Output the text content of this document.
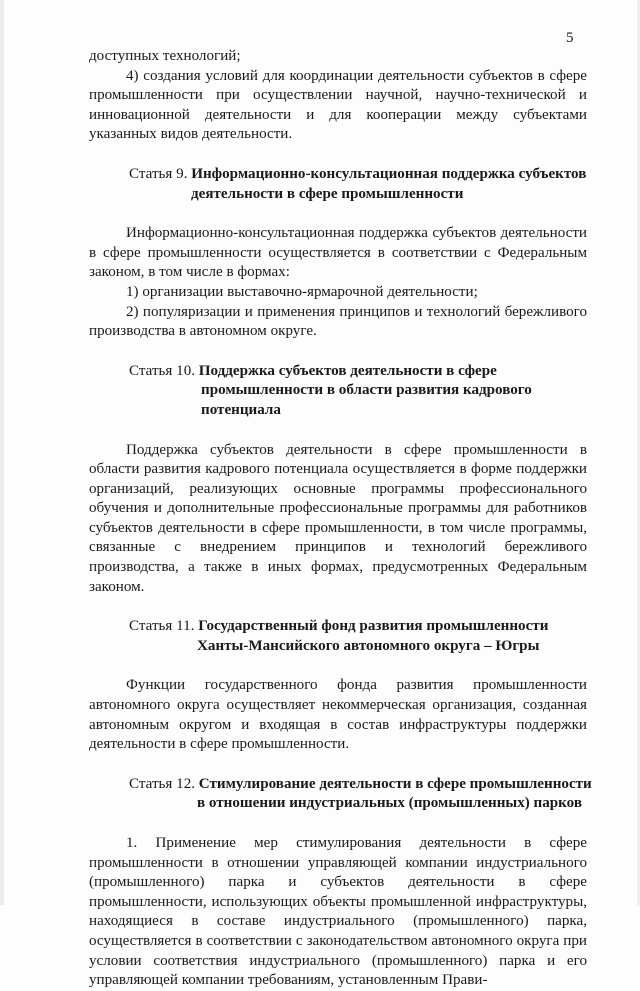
5

доступных технологий;

4) создания условий для координации деятельности субъектов в сфере промышленности при осуществлении научной, научно-технической и инновационной деятельности и для кооперации между субъектами указанных видов деятельности.

Статья 9. Информационно-консультационная поддержка субъектов
деятельности в сфере промышленности

Информационно-консультационная поддержка субъектов деятельности в сфере промышленности осуществляется в соответствии с Федеральным законом, в том числе в формах:

1) организации выставочно-ярмарочной деятельности;

2) популяризации и применения принципов и технологий бережливого производства в автономном округе.

Статья 10. Поддержка субъектов деятельности в сфере
промышленности в области развития кадрового
потенциала

Поддержка субъектов деятельности в сфере промышленности в области развития кадрового потенциала осуществляется в форме поддержки организаций, реализующих основные программы профессионального обучения и дополнительные профессиональные программы для работников субъектов деятельности в сфере промышленности, в том числе программы, связанные с внедрением принципов и технологий бережливого производства, а также в иных формах, предусмотренных Федеральным законом.

Статья 11. Государственный фонд развития промышленности
Ханты-Мансийского автономного округа – Югры

Функции государственного фонда развития промышленности автономного округа осуществляет некоммерческая организация, созданная автономным округом и входящая в состав инфраструктуры поддержки деятельности в сфере промышленности.

Статья 12. Стимулирование деятельности в сфере промышленности
в отношении индустриальных (промышленных) парков

1. Применение мер стимулирования деятельности в сфере промышленности в отношении управляющей компании индустриального (промышленного) парка и субъектов деятельности в сфере промышленности, использующих объекты промышленной инфраструктуры, находящиеся в составе индустриального (промышленного) парка, осуществляется в соответствии с законодательством автономного округа при условии соответствия индустриального (промышленного) парка и его управляющей компании требованиям, установленным Прави-
